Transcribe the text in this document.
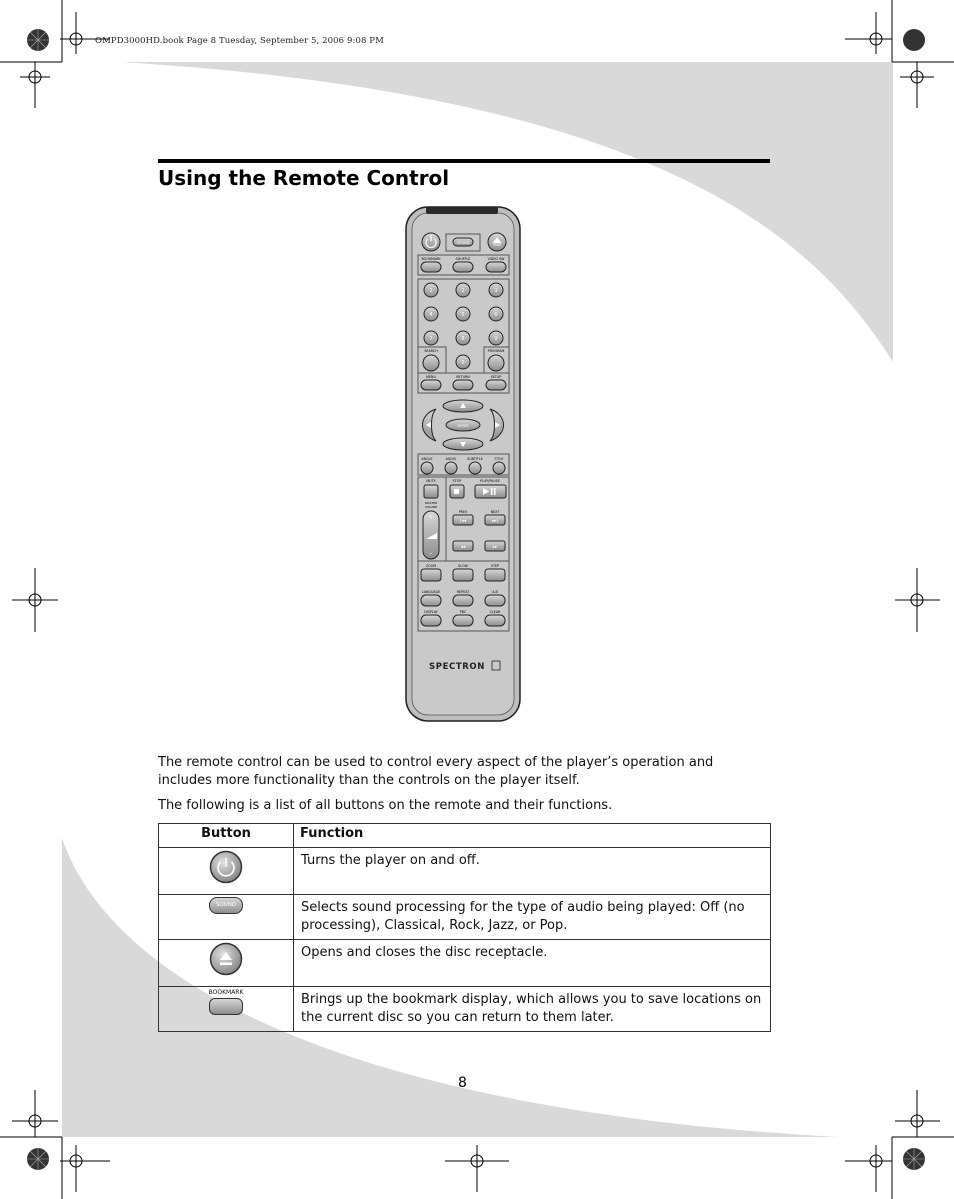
OMPD3000HD.book Page 8 Tuesday, September 5, 2006 9:08 PM
Using the Remote Control
SOUND
BOOKMARK	SHUFFLE	VIDEO SW
1	2	3
4	5	6
7	8	9
0
SEARCH	PROGRAM
MENU	RETURN	SETUP
ENTER
ANGLE	AUDIO	SUBTITLE	TITLE
MUTE	STOP	PLAY/PAUSE
MASTER
VOLUME
+
–
PREV	NEXT
|◂◂	▸▸|
◂◂	▸▸
ZOOM	SLOW	STEP
LANGUAGE	REPEAT	A-B
DISPLAY	PBC	CLEAR
SPECTRON

The remote control can be used to control every aspect of the player’s operation and includes more functionality than the controls on the player itself.

The following is a list of all buttons on the remote and their functions.

Button	Function
	Turns the player on and off.

SOUND	Selects sound processing for the type of audio being played: Off (no processing), Classical, Rock, Jazz, or Pop.
	Opens and closes the disc receptacle.

BOOKMARK	Brings up the bookmark display, which allows you to save locations on the current disc so you can return to them later.
8
